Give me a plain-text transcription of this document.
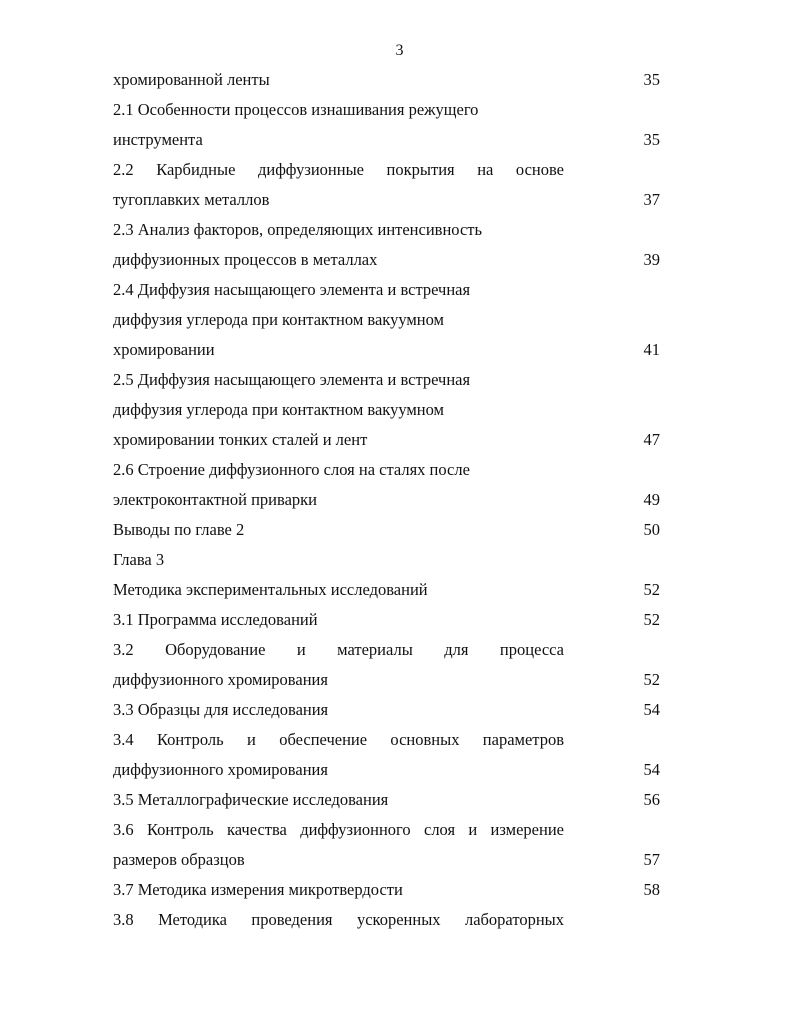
3
хромированной ленты	35
2.1 Особенности процессов изнашивания режущего
инструмента	35
2.2 Карбидные диффузионные покрытия на основе
тугоплавких металлов	37
2.3 Анализ факторов, определяющих интенсивность
диффузионных процессов в металлах	39
2.4 Диффузия насыщающего элемента и встречная
диффузия углерода при контактном вакуумном
хромировании	41
2.5 Диффузия насыщающего элемента и встречная
диффузия углерода при контактном вакуумном
хромировании тонких сталей и лент	47
2.6 Строение диффузионного слоя на сталях после
электроконтактной приварки	49
Выводы по главе 2	50
Глава 3
Методика экспериментальных исследований	52
3.1 Программа исследований	52
3.2 Оборудование и материалы для процесса
диффузионного хромирования	52
3.3 Образцы для исследования	54
3.4 Контроль и обеспечение основных параметров
диффузионного хромирования	54
3.5 Металлографические исследования	56
3.6 Контроль качества диффузионного слоя и измерение
размеров образцов	57
3.7 Методика измерения микротвердости	58
3.8 Методика проведения ускоренных лабораторных
